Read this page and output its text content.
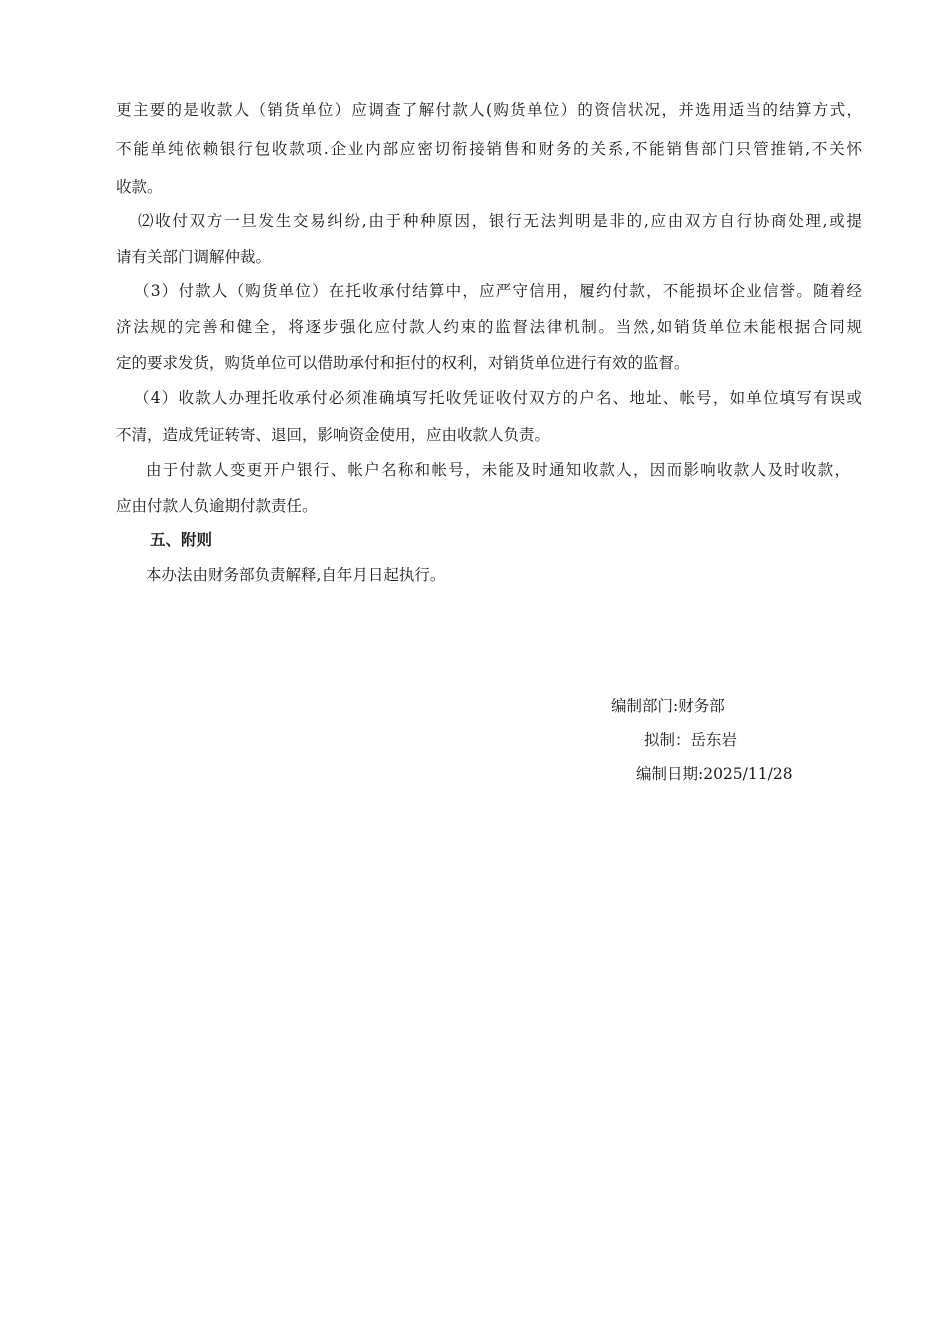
更主要的是收款人（销货单位）应调查了解付款人(购货单位）的资信状况，并选用适当的结算方式，
不能单纯依赖银行包收款项.企业内部应密切衔接销售和财务的关系,不能销售部门只管推销,不关怀
收款。
⑵收付双方一旦发生交易纠纷,由于种种原因，银行无法判明是非的,应由双方自行协商处理,或提
请有关部门调解仲裁。
（3）付款人（购货单位）在托收承付结算中，应严守信用，履约付款，不能损坏企业信誉。随着经
济法规的完善和健全，将逐步强化应付款人约束的监督法律机制。当然,如销货单位未能根据合同规
定的要求发货，购货单位可以借助承付和拒付的权利，对销货单位进行有效的监督。
（4）收款人办理托收承付必须准确填写托收凭证收付双方的户名、地址、帐号，如单位填写有误或
不清，造成凭证转寄、退回，影响资金使用，应由收款人负责。
由于付款人变更开户银行、帐户名称和帐号，未能及时通知收款人，因而影响收款人及时收款，
应由付款人负逾期付款责任。
五、附则
本办法由财务部负责解释,自年月日起执行。
编制部门:财务部
拟制：岳东岩
编制日期:2025/11/28
